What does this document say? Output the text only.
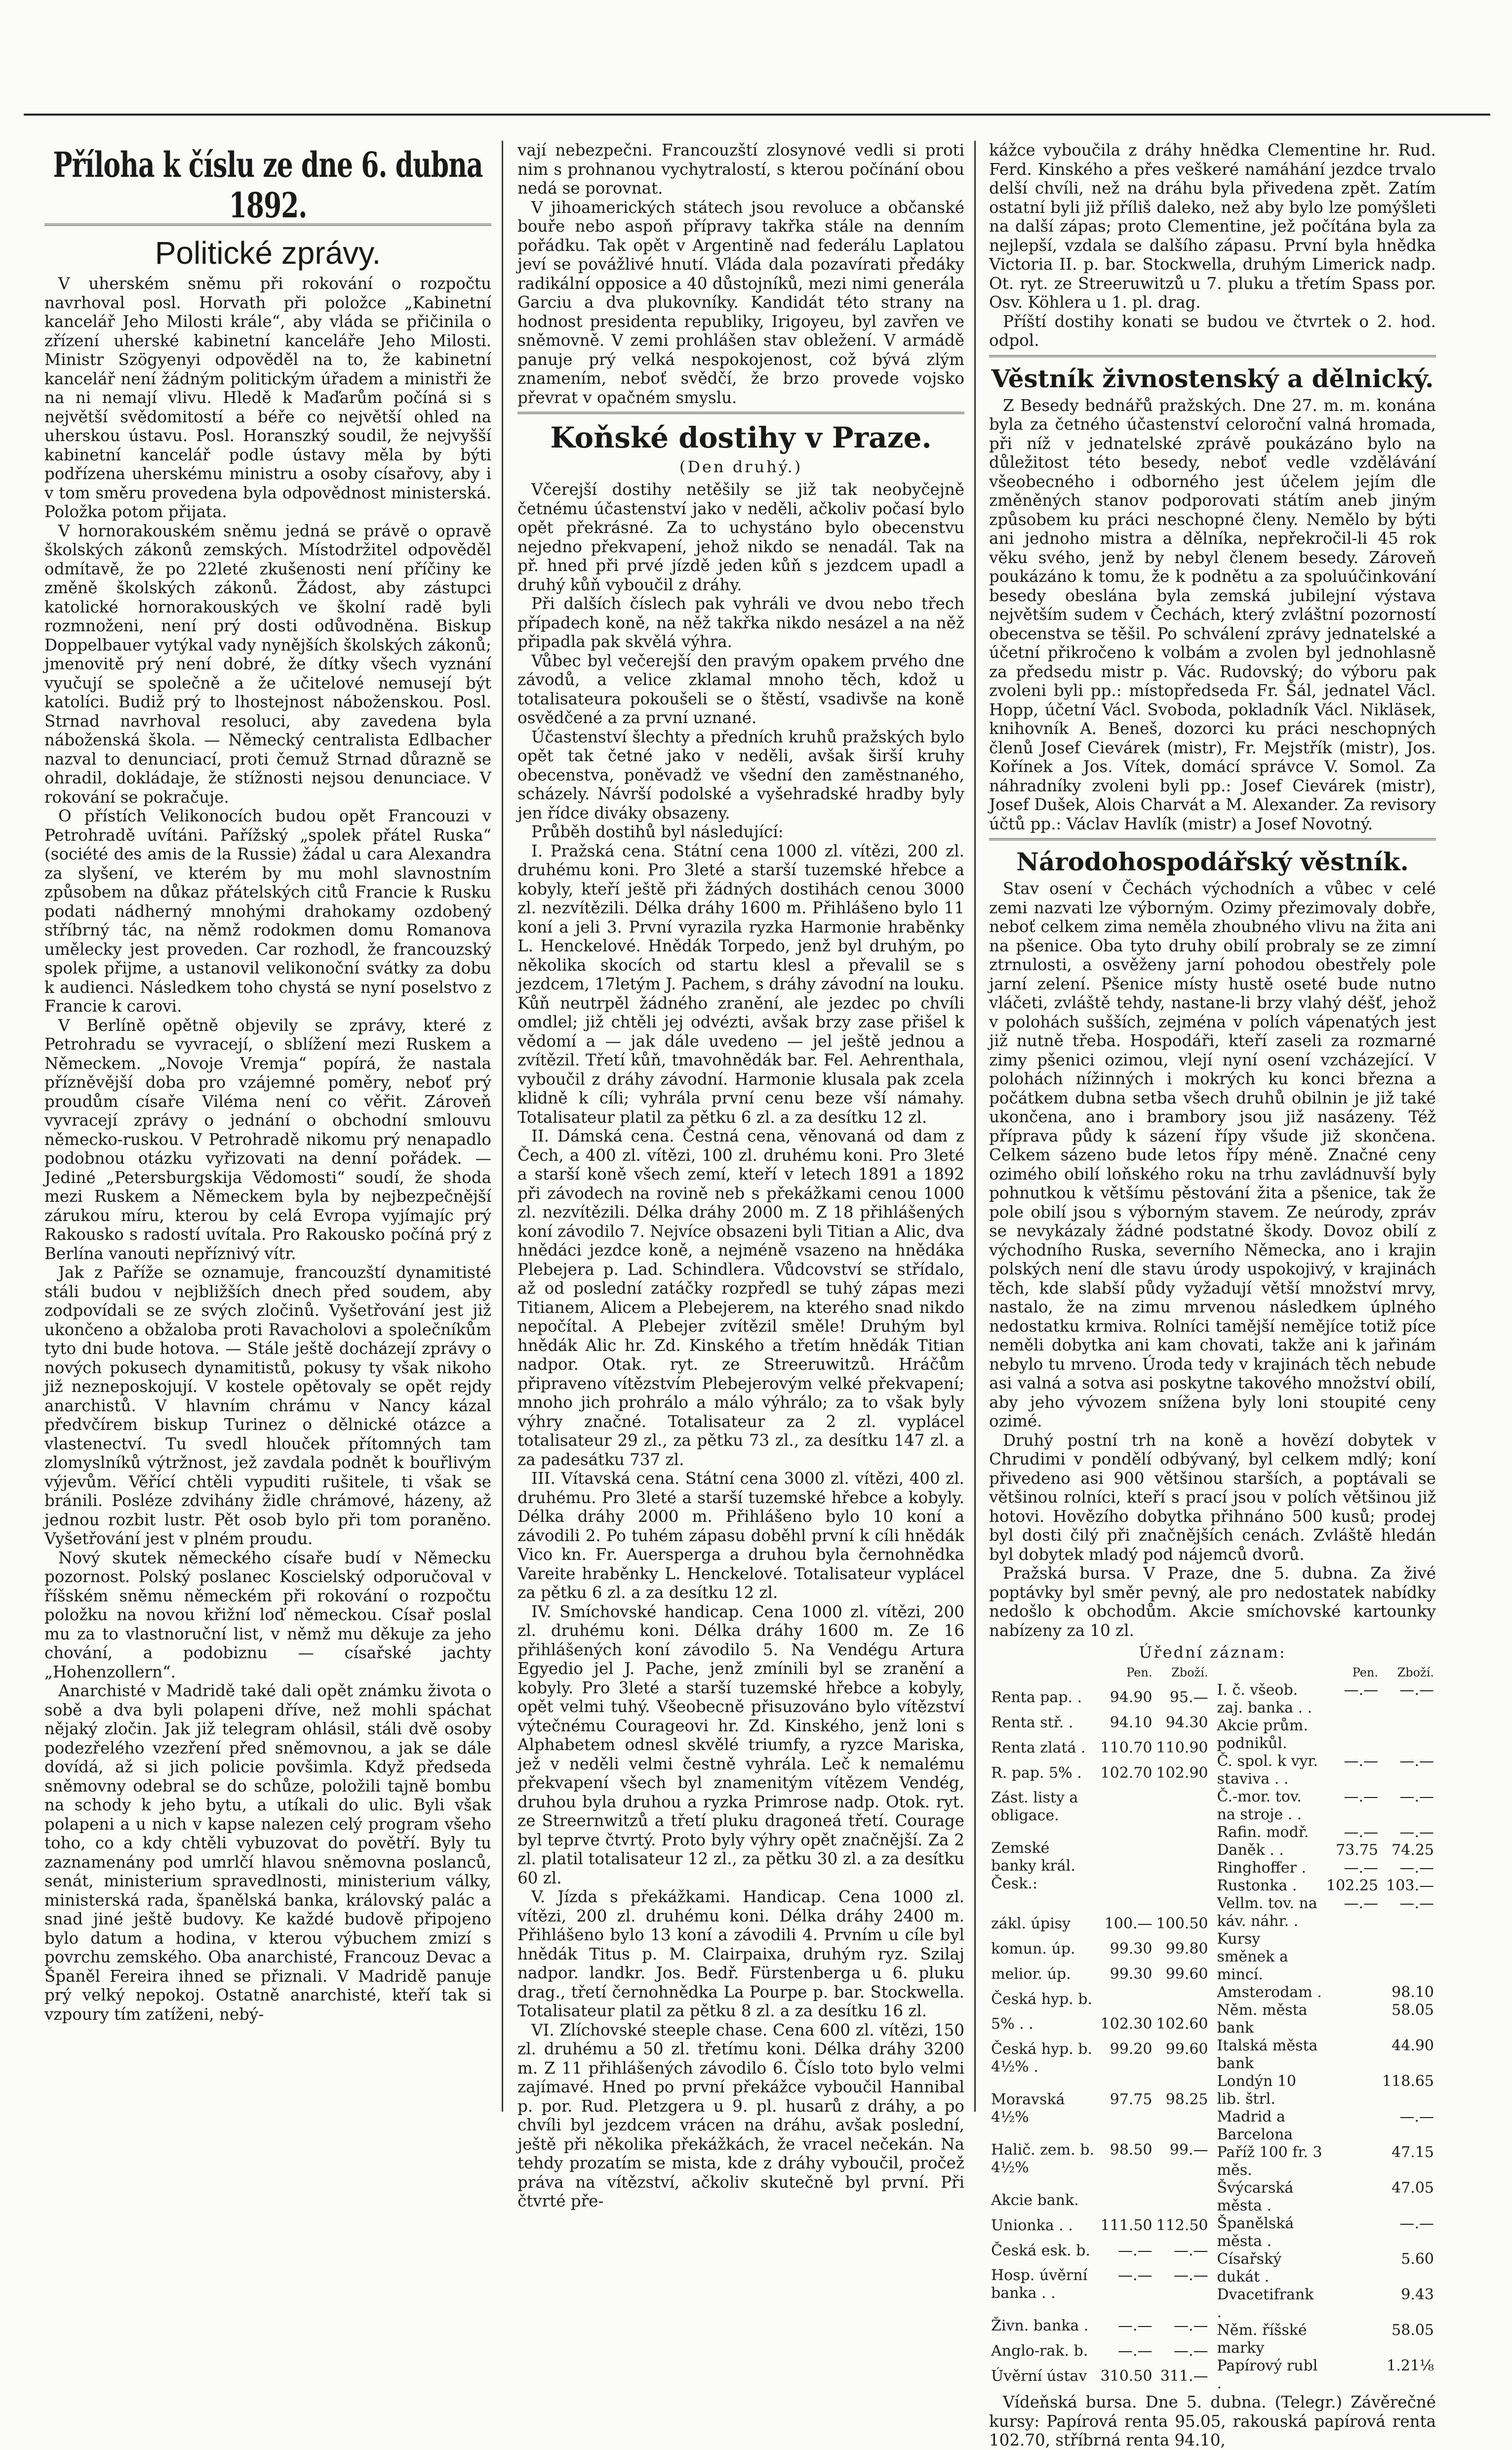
Příloha k číslu ze dne 6. dubna 1892.
Politické zprávy.

V uherském sněmu při rokování o rozpočtu navrhoval posl. Horvath při položce „Kabinetní kancelář Jeho Milosti krále“, aby vláda se přičinila o zřízení uherské kabinetní kanceláře Jeho Milosti. Ministr Szögyenyi odpověděl na to, že kabinetní kancelář není žádným politickým úřadem a ministři že na ni nemají vlivu. Hledě k Maďarům počíná si s největší svědomitostí a béře co největší ohled na uherskou ústavu. Posl. Horanszký soudil, že nejvyšší kabinetní kancelář podle ústavy měla by býti podřízena uherskému ministru a osoby císařovy, aby i v tom směru provedena byla odpovědnost ministerská. Položka potom přijata.

V hornorakouském sněmu jedná se právě o opravě školských zákonů zemských. Místodržitel odpověděl odmítavě, že po 22leté zkušenosti není příčiny ke změně školských zákonů. Žádost, aby zástupci katolické hornorakouských ve školní radě byli rozmnoženi, není prý dosti odůvodněna. Biskup Doppelbauer vytýkal vady nynějších školských zákonů; jmenovitě prý není dobré, že dítky všech vyznání vyučují se společně a že učitelové nemusejí být katolíci. Budiž prý to lhostejnost náboženskou. Posl. Strnad navrhoval resoluci, aby zavedena byla náboženská škola. — Německý centralista Edlbacher nazval to denunciací, proti čemuž Strnad důrazně se ohradil, dokládaje, že stížnosti nejsou denunciace. V rokování se pokračuje.

O přístích Velikonocích budou opět Francouzi v Petrohradě uvítáni. Pařížský „spolek přátel Ruska“ (société des amis de la Russie) žádal u cara Alexandra za slyšení, ve kterém by mu mohl slavnostním způsobem na důkaz přátelských citů Francie k Rusku podati nádherný mnohými drahokamy ozdobený stříbrný tác, na němž rodokmen domu Romanova umělecky jest proveden. Car rozhodl, že francouzský spolek přijme, a ustanovil velikonoční svátky za dobu k audienci. Následkem toho chystá se nyní poselstvo z Francie k carovi.

V Berlíně opětně objevily se zprávy, které z Petrohradu se vyvracejí, o sblížení mezi Ruskem a Německem. „Novoje Vremja“ popírá, že nastala přízněvější doba pro vzájemné poměry, neboť prý proudům císaře Viléma není co věřit. Zároveň vyvracejí zprávy o jednání o obchodní smlouvu německo-ruskou. V Petrohradě nikomu prý nenapadlo podobnou otázku vyřizovati na denní pořádek. — Jediné „Petersburgskija Vědomosti“ soudí, že shoda mezi Ruskem a Německem byla by nejbezpečnější zárukou míru, kterou by celá Evropa vyjímajíc prý Rakousko s radostí uvítala. Pro Rakousko počíná prý z Berlína vanouti nepříznivý vítr.

Jak z Paříže se oznamuje, francouzští dynamitisté stáli budou v nejbližších dnech před soudem, aby zodpovídali se ze svých zločinů. Vyšetřování jest již ukončeno a obžaloba proti Ravacholovi a společníkům tyto dni bude hotova. — Stále ještě docházejí zprávy o nových pokusech dynamitistů, pokusy ty však nikoho již nezneposkojují. V kostele opětovaly se opět rejdy anarchistů. V hlavním chrámu v Nancy kázal předvčírem biskup Turinez o dělnické otázce a vlastenectví. Tu svedl hlouček přítomných tam zlomyslníků výtržnost, jež zavdala podnět k bouřlivým výjevům. Věřící chtěli vypuditi rušitele, ti však se bránili. Posléze zdvihány židle chrámové, házeny, až jednou rozbit lustr. Pět osob bylo při tom poraněno. Vyšetřování jest v plném proudu.

Nový skutek německého císaře budí v Německu pozornost. Polský poslanec Koscielský odporučoval v říšském sněmu německém při rokování o rozpočtu položku na novou křižní loď německou. Císař poslal mu za to vlastnoruční list, v němž mu děkuje za jeho chování, a podobiznu — císařské jachty „Hohenzollern“.

Anarchisté v Madridě také dali opět známku života o sobě a dva byli polapeni dříve, než mohli spáchat nějaký zločin. Jak již telegram ohlásil, stáli dvě osoby podezřelého vzezření před sněmovnou, a jak se dále dovídá, až si jich policie povšimla. Když předseda sněmovny odebral se do schůze, položili tajně bombu na schody k jeho bytu, a utíkali do ulic. Byli však polapeni a u nich v kapse nalezen celý program všeho toho, co a kdy chtěli vybuzovat do povětří. Byly tu zaznamenány pod umrlčí hlavou sněmovna poslanců, senát, ministerium spravedlnosti, ministerium války, ministerská rada, španělská banka, královský palác a snad jiné ještě budovy. Ke každé budově připojeno bylo datum a hodina, v kterou výbuchem zmizí s povrchu zemského. Oba anarchisté, Francouz Devac a Španěl Fereira ihned se přiznali. V Madridě panuje prý velký nepokoj. Ostatně anarchisté, kteří tak si vzpoury tím zatíženi, nebý-

vají nebezpečni. Francouzští zlosynové vedli si proti nim s prohnanou vychytralostí, s kterou počínání obou nedá se porovnat.

V jihoamerických státech jsou revoluce a občanské bouře nebo aspoň přípravy takřka stále na denním pořádku. Tak opět v Argentině nad federálu Laplatou jeví se povážlivé hnutí. Vláda dala pozavírati předáky radikální opposice a 40 důstojníků, mezi nimi generála Garciu a dva plukovníky. Kandidát této strany na hodnost presidenta republiky, Irigoyeu, byl zavřen ve sněmovně. V zemi prohlášen stav obležení. V armádě panuje prý velká nespokojenost, což bývá zlým znamením, neboť svědčí, že brzo provede vojsko převrat v opačném smyslu.

Koňské dostihy v Praze.
(Den druhý.)

Včerejší dostihy netěšily se již tak neobyčejně četnému účastenství jako v neděli, ačkoliv počasí bylo opět překrásné. Za to uchystáno bylo obecenstvu nejedno překvapení, jehož nikdo se nenadál. Tak na př. hned při prvé jízdě jeden kůň s jezdcem upadl a druhý kůň vyboučil z dráhy.

Při dalších číslech pak vyhráli ve dvou nebo třech případech koně, na něž takřka nikdo nesázel a na něž připadla pak skvělá výhra.

Vůbec byl večerejší den pravým opakem prvého dne závodů, a velice zklamal mnoho těch, kdož u totalisateura pokoušeli se o štěstí, vsadivše na koně osvědčené a za první uznané.

Účastenství šlechty a předních kruhů pražských bylo opět tak četné jako v neděli, avšak širší kruhy obecenstva, poněvadž ve všední den zaměstnaného, scházely. Návrší podolské a vyšehradské hradby byly jen řídce diváky obsazeny.

Průběh dostihů byl následující:

I. Pražská cena. Státní cena 1000 zl. vítězi, 200 zl. druhému koni. Pro 3leté a starší tuzemské hřebce a kobyly, kteří ještě při žádných dostihách cenou 3000 zl. nezvítězili. Délka dráhy 1600 m. Přihlášeno bylo 11 koní a jeli 3. První vyrazila ryzka Harmonie hraběnky L. Henckelové. Hnědák Torpedo, jenž byl druhým, po několika skocích od startu klesl a převalil se s jezdcem, 17letým J. Pachem, s dráhy závodní na louku. Kůň neutrpěl žádného zranění, ale jezdec po chvíli omdlel; již chtěli jej odvézti, avšak brzy zase přišel k vědomí a — jak dále uvedeno — jel ještě jednou a zvítězil. Třetí kůň, tmavohnědák bar. Fel. Aehrenthala, vyboučil z dráhy závodní. Harmonie klusala pak zcela klidně k cíli; vyhrála první cenu beze vší námahy. Totalisateur platil za pětku 6 zl. a za desítku 12 zl.

II. Dámská cena. Čestná cena, věnovaná od dam z Čech, a 400 zl. vítězi, 100 zl. druhému koni. Pro 3leté a starší koně všech zemí, kteří v letech 1891 a 1892 při závodech na rovině neb s překážkami cenou 1000 zl. nezvítězili. Délka dráhy 2000 m. Z 18 přihlášených koní závodilo 7. Nejvíce obsazeni byli Titian a Alic, dva hnědáci jezdce koně, a nejméně vsazeno na hnědáka Plebejera p. Lad. Schindlera. Vůdcovství se střídalo, až od poslední zatáčky rozpředl se tuhý zápas mezi Titianem, Alicem a Plebejerem, na kterého snad nikdo nepočítal. A Plebejer zvítězil směle! Druhým byl hnědák Alic hr. Zd. Kinského a třetím hnědák Titian nadpor. Otak. ryt. ze Streeruwitzů. Hráčům připraveno vítězstvím Plebejerovým velké překvapení; mnoho jich prohrálo a málo výhrálo; za to však byly výhry značné. Totalisateur za 2 zl. vyplácel totalisateur 29 zl., za pětku 73 zl., za desítku 147 zl. a za padesátku 737 zl.

III. Vítavská cena. Státní cena 3000 zl. vítězi, 400 zl. druhému. Pro 3leté a starší tuzemské hřebce a kobyly. Délka dráhy 2000 m. Přihlášeno bylo 10 koní a závodili 2. Po tuhém zápasu doběhl první k cíli hnědák Vico kn. Fr. Auersperga a druhou byla černohnědka Vareite hraběnky L. Henckelové. Totalisateur vyplácel za pětku 6 zl. a za desítku 12 zl.

IV. Smíchovské handicap. Cena 1000 zl. vítězi, 200 zl. druhému koni. Délka dráhy 1600 m. Ze 16 přihlášených koní závodilo 5. Na Vendégu Artura Egyedio jel J. Pache, jenž zmínili byl se zranění a kobyly. Pro 3leté a starší tuzemské hřebce a kobyly, opět velmi tuhý. Všeobecně přisuzováno bylo vítězství výtečnému Courageovi hr. Zd. Kinského, jenž loni s Alphabetem odnesl skvělé triumfy, a ryzce Mariska, jež v neděli velmi čestně vyhrála. Leč k nemalému překvapení všech byl znamenitým vítězem Vendég, druhou byla druhou a ryzka Primrose nadp. Otok. ryt. ze Streernwitzů a třetí pluku dragoneá třetí. Courage byl teprve čtvrtý. Proto byly výhry opět značnější. Za 2 zl. platil totalisateur 12 zl., za pětku 30 zl. a za desítku 60 zl.

V. Jízda s překážkami. Handicap. Cena 1000 zl. vítězi, 200 zl. druhému koni. Délka dráhy 2400 m. Přihlášeno bylo 13 koní a závodili 4. Prvním u cíle byl hnědák Titus p. M. Clairpaixa, druhým ryz. Szilaj nadpor. landkr. Jos. Bedř. Fürstenberga u 6. pluku drag., třetí černohnědka La Pourpe p. bar. Stockwella. Totalisateur platil za pětku 8 zl. a za desítku 16 zl.

VI. Zlíchovské steeple chase. Cena 600 zl. vítězi, 150 zl. druhému a 50 zl. třetímu koni. Délka dráhy 3200 m. Z 11 přihlášených závodilo 6. Číslo toto bylo velmi zajímavé. Hned po první překážce vyboučil Hannibal p. por. Rud. Pletzgera u 9. pl. husarů z dráhy, a po chvíli byl jezdcem vrácen na dráhu, avšak poslední, ještě při několika překážkách, že vracel nečekán. Na tehdy prozatím se mista, kde z dráhy vyboučil, pročež práva na vítězství, ačkoliv skutečně byl první. Při čtvrté pře-

kážce vyboučila z dráhy hnědka Clementine hr. Rud. Ferd. Kinského a přes veškeré namáhání jezdce trvalo delší chvíli, než na dráhu byla přivedena zpět. Zatím ostatní byli již příliš daleko, než aby bylo lze pomýšleti na další zápas; proto Clementine, jež počítána byla za nejlepší, vzdala se dalšího zápasu. První byla hnědka Victoria II. p. bar. Stockwella, druhým Limerick nadp. Ot. ryt. ze Streeruwitzů u 7. pluku a třetím Spass por. Osv. Köhlera u 1. pl. drag.

Příští dostihy konati se budou ve čtvrtek o 2. hod. odpol.

Věstník živnostenský a dělnický.

Z Besedy bednářů pražských. Dne 27. m. m. konána byla za četného účastenství celoroční valná hromada, při níž v jednatelské zprávě poukázáno bylo na důležitost této besedy, neboť vedle vzdělávání všeobecného i odborného jest účelem jejím dle změněných stanov podporovati státím aneb jiným způsobem ku práci neschopné členy. Nemělo by býti ani jednoho mistra a dělníka, nepřekročil-li 45 rok věku svého, jenž by nebyl členem besedy. Zároveň poukázáno k tomu, že k podnětu a za spoluúčinkování besedy obeslána byla zemská jubilejní výstava největším sudem v Čechách, který zvláštní pozorností obecenstva se těšil. Po schválení zprávy jednatelské a účetní přikročeno k volbám a zvolen byl jednohlasně za předsedu mistr p. Vác. Rudovský; do výboru pak zvoleni byli pp.: místopředseda Fr. Šál, jednatel Václ. Hopp, účetní Václ. Svoboda, pokladník Václ. Nikläsek, knihovník A. Beneš, dozorci ku práci neschopných členů Josef Cievárek (mistr), Fr. Mejstřík (mistr), Jos. Kořínek a Jos. Vítek, domácí správce V. Somol. Za náhradníky zvoleni byli pp.: Josef Cievárek (mistr), Josef Dušek, Alois Charvát a M. Alexander. Za revisory účtů pp.: Václav Havlík (mistr) a Josef Novotný.

Národohospodářský věstník.

Stav osení v Čechách východních a vůbec v celé zemi nazvati lze výborným. Ozimy přezimovaly dobře, neboť celkem zima neměla zhoubného vlivu na žita ani na pšenice. Oba tyto druhy obilí probraly se ze zimní ztrnulosti, a osvěženy jarní pohodou obestřely pole jarní zelení. Pšenice místy hustě oseté bude nutno vláčeti, zvláště tehdy, nastane-li brzy vlahý déšť, jehož v polohách sušších, zejména v polích vápenatých jest již nutně třeba. Hospodáři, kteří zaseli za rozmarné zimy pšenici ozimou, vlejí nyní osení vzcházející. V polohách nížinných i mokrých ku konci března a počátkem dubna setba všech druhů obilnin je již také ukončena, ano i brambory jsou již nasázeny. Též příprava půdy k sázení řípy všude již skončena. Celkem sázeno bude letos řípy méně. Značné ceny ozimého obilí loňského roku na trhu zavládnuvší byly pohnutkou k většímu pěstování žita a pšenice, tak že pole obilí jsou s výborným stavem. Ze neúrody, zpráv se nevykázaly žádné podstatné škody. Dovoz obilí z východního Ruska, severního Německa, ano i krajin polských není dle stavu úrody uspokojivý, v krajinách těch, kde slabší půdy vyžadují větší množství mrvy, nastalo, že na zimu mrvenou následkem úplného nedostatku krmiva. Rolníci tamější nemějíce totiž píce neměli dobytka ani kam chovati, takže ani k jařinám nebylo tu mrveno. Úroda tedy v krajinách těch nebude asi valná a sotva asi poskytne takového množství obilí, aby jeho vývozem snížena byly loni stoupité ceny ozimé.

Druhý postní trh na koně a hovězí dobytek v Chrudimi v pondělí odbývaný, byl celkem mdlý; koní přivedeno asi 900 většinou starších, a poptávali se většinou rolníci, kteří s prací jsou v polích většinou již hotovi. Hovězího dobytka přihnáno 500 kusů; prodej byl dosti čilý při značnějších cenách. Zvláště hledán byl dobytek mladý pod nájemců dvorů.

Pražská bursa. V Praze, dne 5. dubna. Za živé poptávky byl směr pevný, ale pro nedostatek nabídky nedošlo k obchodům. Akcie smíchovské kartounky nabízeny za 10 zl.

Úřední záznam:
	Pen.	Zboží.
Renta pap. .	94.90	95.—
Renta stř. .	94.10	94.30
Renta zlatá .	110.70	110.90
R. pap. 5% .	102.70	102.90
Zást. listy a obligace.		
Zemské banky král. Česk.:		
zákl. úpisy	100.—	100.50
komun. úp.	99.30	99.80
melior. úp.	99.30	99.60
Česká hyp. b.		
5% . .	102.30	102.60
Česká hyp. b. 4½% .	99.20	99.60
Moravská 4½%	97.75	98.25
Halič. zem. b. 4½%	98.50	99.—
Akcie bank.		
Unionka . .	111.50	112.50
Česká esk. b.	—.—	—.—
Hosp. úvěrní banka . .	—.—	—.—
Živn. banka .	—.—	—.—
Anglo-rak. b.	—.—	—.—
Úvěrní ústav	310.50	311.—
	Pen.	Zboží.
I. č. všeob. zaj. banka . .	—.—	—.—
Akcie prům. podnikůl.		
Č. spol. k vyr. staviva . .	—.—	—.—
Č.-mor. tov. na stroje . .	—.—	—.—
Rafin. modř.	—.—	—.—
Daněk . .	73.75	74.25
Ringhoffer .	—.—	—.—
Rustonka .	102.25	103.—
Vellm. tov. na káv. náhr. .	—.—	—.—
Kursy směnek a mincí.		
Amsterodam .		98.10
Něm. města bank		58.05
Italská města bank		44.90
Londýn 10 lib. štrl.		118.65
Madrid a Barcelona		—.—
Paříž 100 fr. 3 měs.		47.15
Švýcarská města .		47.05
Španělská města .		—.—
Císařský dukát .		5.60
Dvacetifrank .		9.43
Něm. říšské marky		58.05
Papírový rubl .		1.21⅛

Vídeňská bursa. Dne 5. dubna. (Telegr.) Závěrečné kursy: Papírová renta 95.05, rakouská papírová renta 102.70, stříbrná renta 94.10,
